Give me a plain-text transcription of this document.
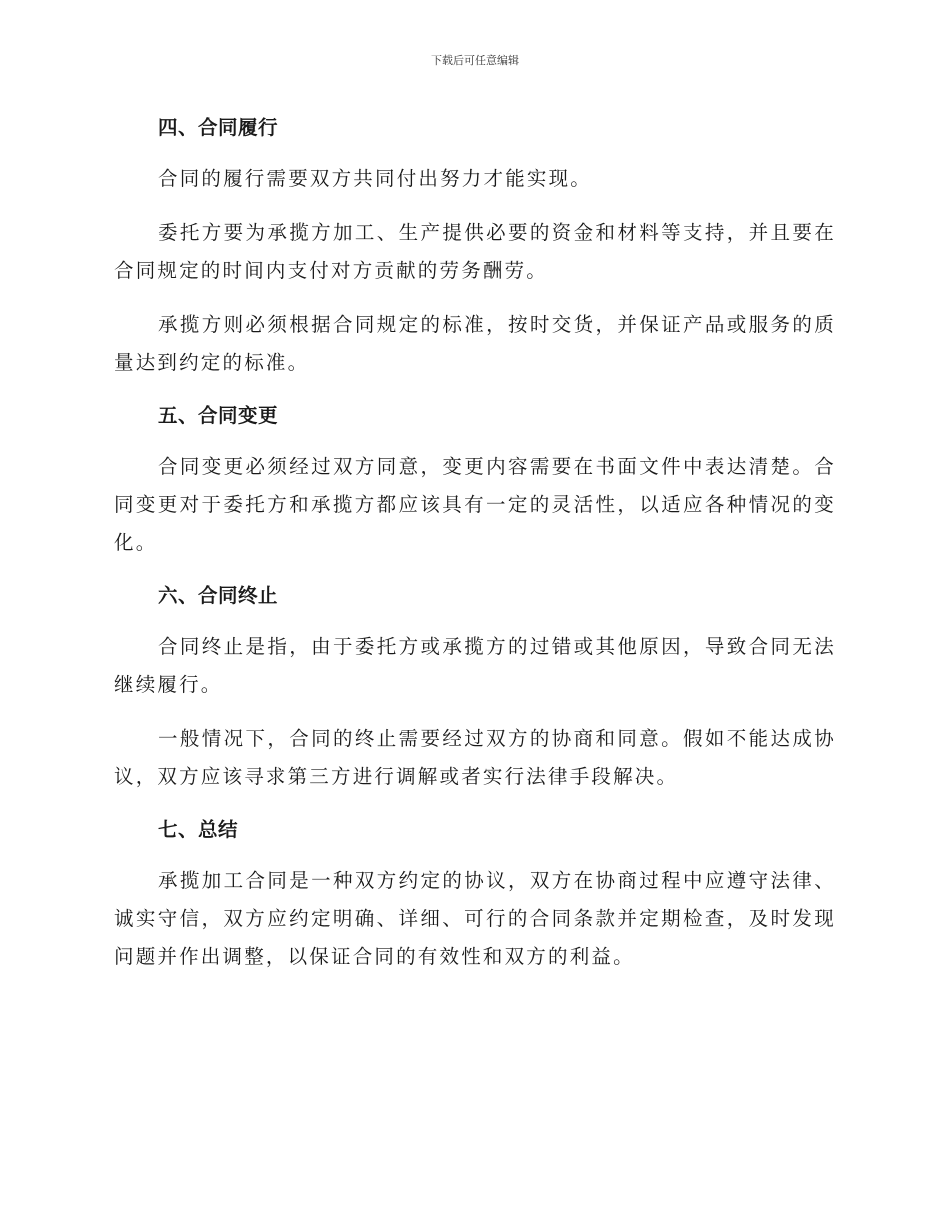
下载后可任意编辑
四、合同履行

合同的履行需要双方共同付出努力才能实现。

委托方要为承揽方加工、生产提供必要的资金和材料等支持，并且要在合同规定的时间内支付对方贡献的劳务酬劳。

承揽方则必须根据合同规定的标准，按时交货，并保证产品或服务的质量达到约定的标准。

五、合同变更

合同变更必须经过双方同意，变更内容需要在书面文件中表达清楚。合同变更对于委托方和承揽方都应该具有一定的灵活性，以适应各种情况的变化。

六、合同终止

合同终止是指，由于委托方或承揽方的过错或其他原因，导致合同无法继续履行。

一般情况下，合同的终止需要经过双方的协商和同意。假如不能达成协议，双方应该寻求第三方进行调解或者实行法律手段解决。

七、总结

承揽加工合同是一种双方约定的协议，双方在协商过程中应遵守法律、诚实守信，双方应约定明确、详细、可行的合同条款并定期检查，及时发现问题并作出调整，以保证合同的有效性和双方的利益。
